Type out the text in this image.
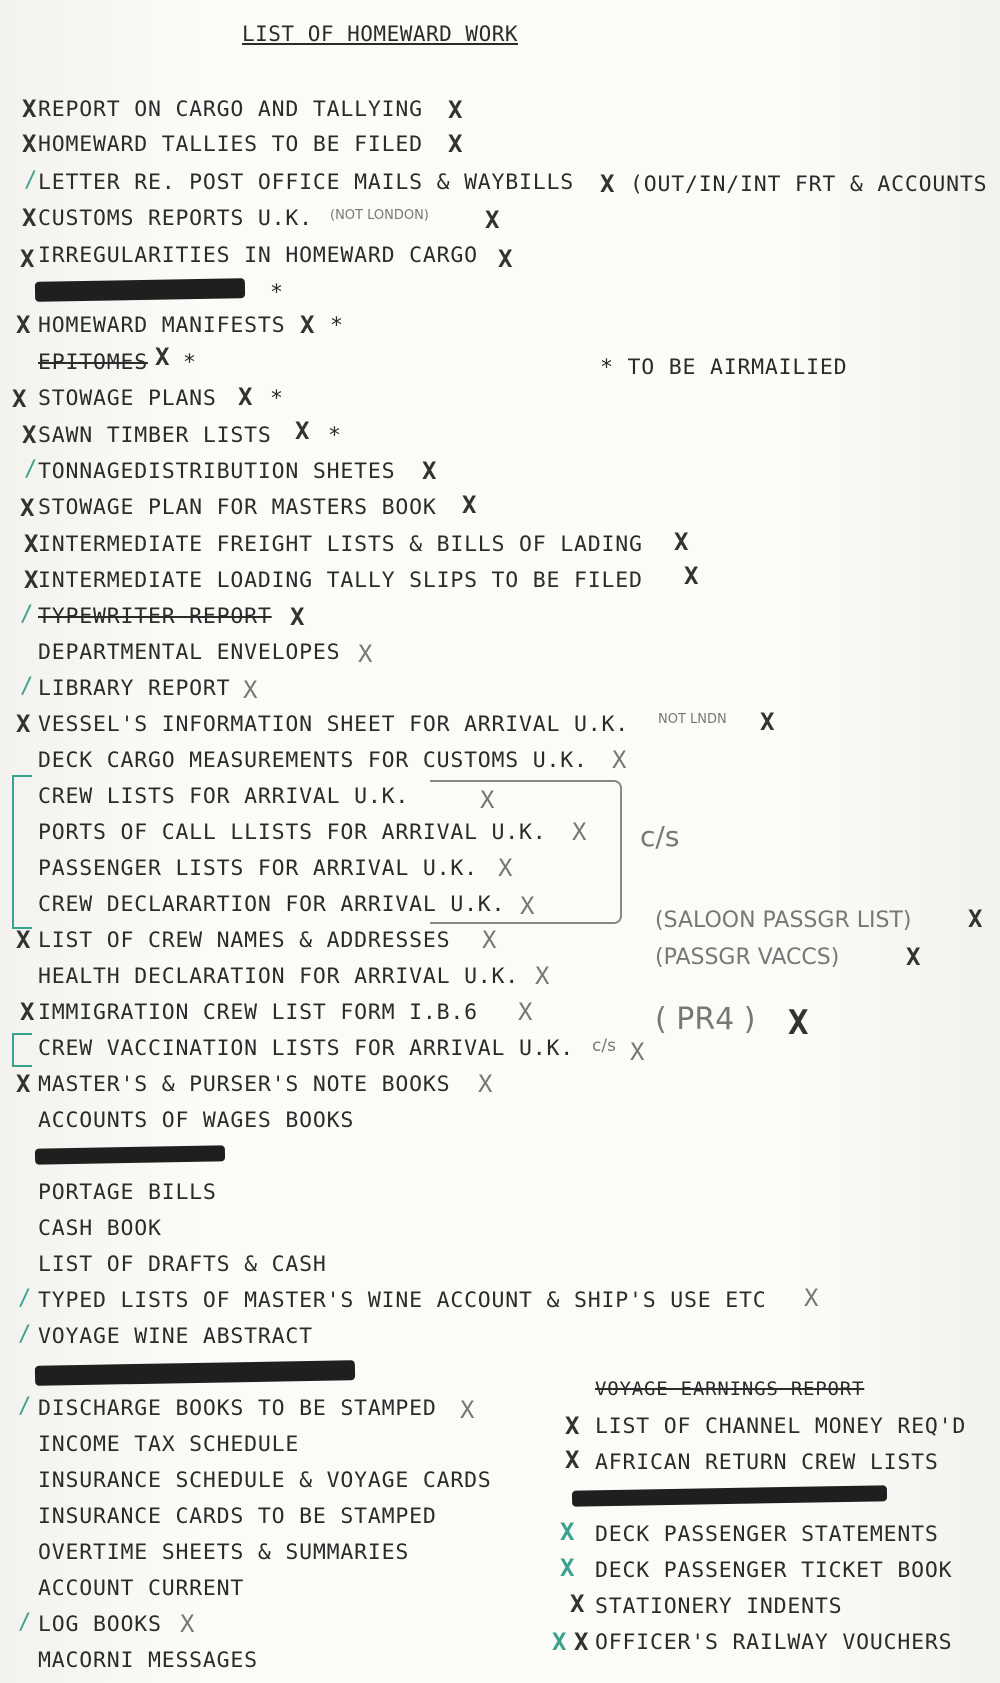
LIST OF HOMEWARD WORK
REPORT ON CARGO AND TALLYING
HOMEWARD TALLIES TO BE FILED
LETTER RE. POST OFFICE MAILS & WAYBILLS	(OUT/IN/INT FRT & ACCOUNTS
CUSTOMS REPORTS U.K.
IRREGULARITIES IN HOMEWARD CARGO
HOMEWARD MANIFESTS
EPITOMES
STOWAGE PLANS
SAWN TIMBER LISTS
TONNAGEDISTRIBUTION SHETES
STOWAGE PLAN FOR MASTERS BOOK
INTERMEDIATE FREIGHT LISTS & BILLS OF LADING
INTERMEDIATE LOADING TALLY SLIPS TO BE FILED
TYPEWRITER REPORT
DEPARTMENTAL ENVELOPES
LIBRARY REPORT
VESSEL'S INFORMATION SHEET FOR ARRIVAL U.K.
DECK CARGO MEASUREMENTS FOR CUSTOMS U.K.
CREW LISTS FOR ARRIVAL U.K.
PORTS OF CALL LLISTS FOR ARRIVAL U.K.
PASSENGER LISTS FOR ARRIVAL U.K.
CREW DECLARARTION FOR ARRIVAL U.K.
LIST OF CREW NAMES & ADDRESSES
HEALTH DECLARATION FOR ARRIVAL U.K.
IMMIGRATION CREW LIST FORM I.B.6
CREW VACCINATION LISTS FOR ARRIVAL U.K.
MASTER'S & PURSER'S NOTE BOOKS
ACCOUNTS OF WAGES BOOKS
PORTAGE BILLS
CASH BOOK
LIST OF DRAFTS & CASH
TYPED LISTS OF MASTER'S WINE ACCOUNT & SHIP'S USE ETC
VOYAGE WINE ABSTRACT
DISCHARGE BOOKS TO BE STAMPED
INCOME TAX SCHEDULE
INSURANCE SCHEDULE & VOYAGE CARDS
INSURANCE CARDS TO BE STAMPED
OVERTIME SHEETS & SUMMARIES
ACCOUNT CURRENT
LOG BOOKS
MACORNI MESSAGES
* TO BE AIRMAILIED
*
*
*
*
*
VOYAGE EARNINGS REPORT
LIST OF CHANNEL MONEY REQ'D
AFRICAN RETURN CREW LISTS
DECK PASSENGER STATEMENTS
DECK PASSENGER TICKET BOOK
STATIONERY INDENTS
OFFICER'S RAILWAY VOUCHERS
(NOT LONDON)
NOT LNDN
c/s
c/s
(SALOON PASSGR LIST)
(PASSGR VACCS)
( PR4 )
X
X
/
X
X
X
X
X
/
X
X
X
/
/
X
X
X
X
/
/
/
/
X
X
X
X
X
X
X
X
X
X
X
X
X
X
X
X
X
X
X
X
X
X
X
X
X
X
X
X
X
X
X
X
X
X
X
X
X
X
X X
